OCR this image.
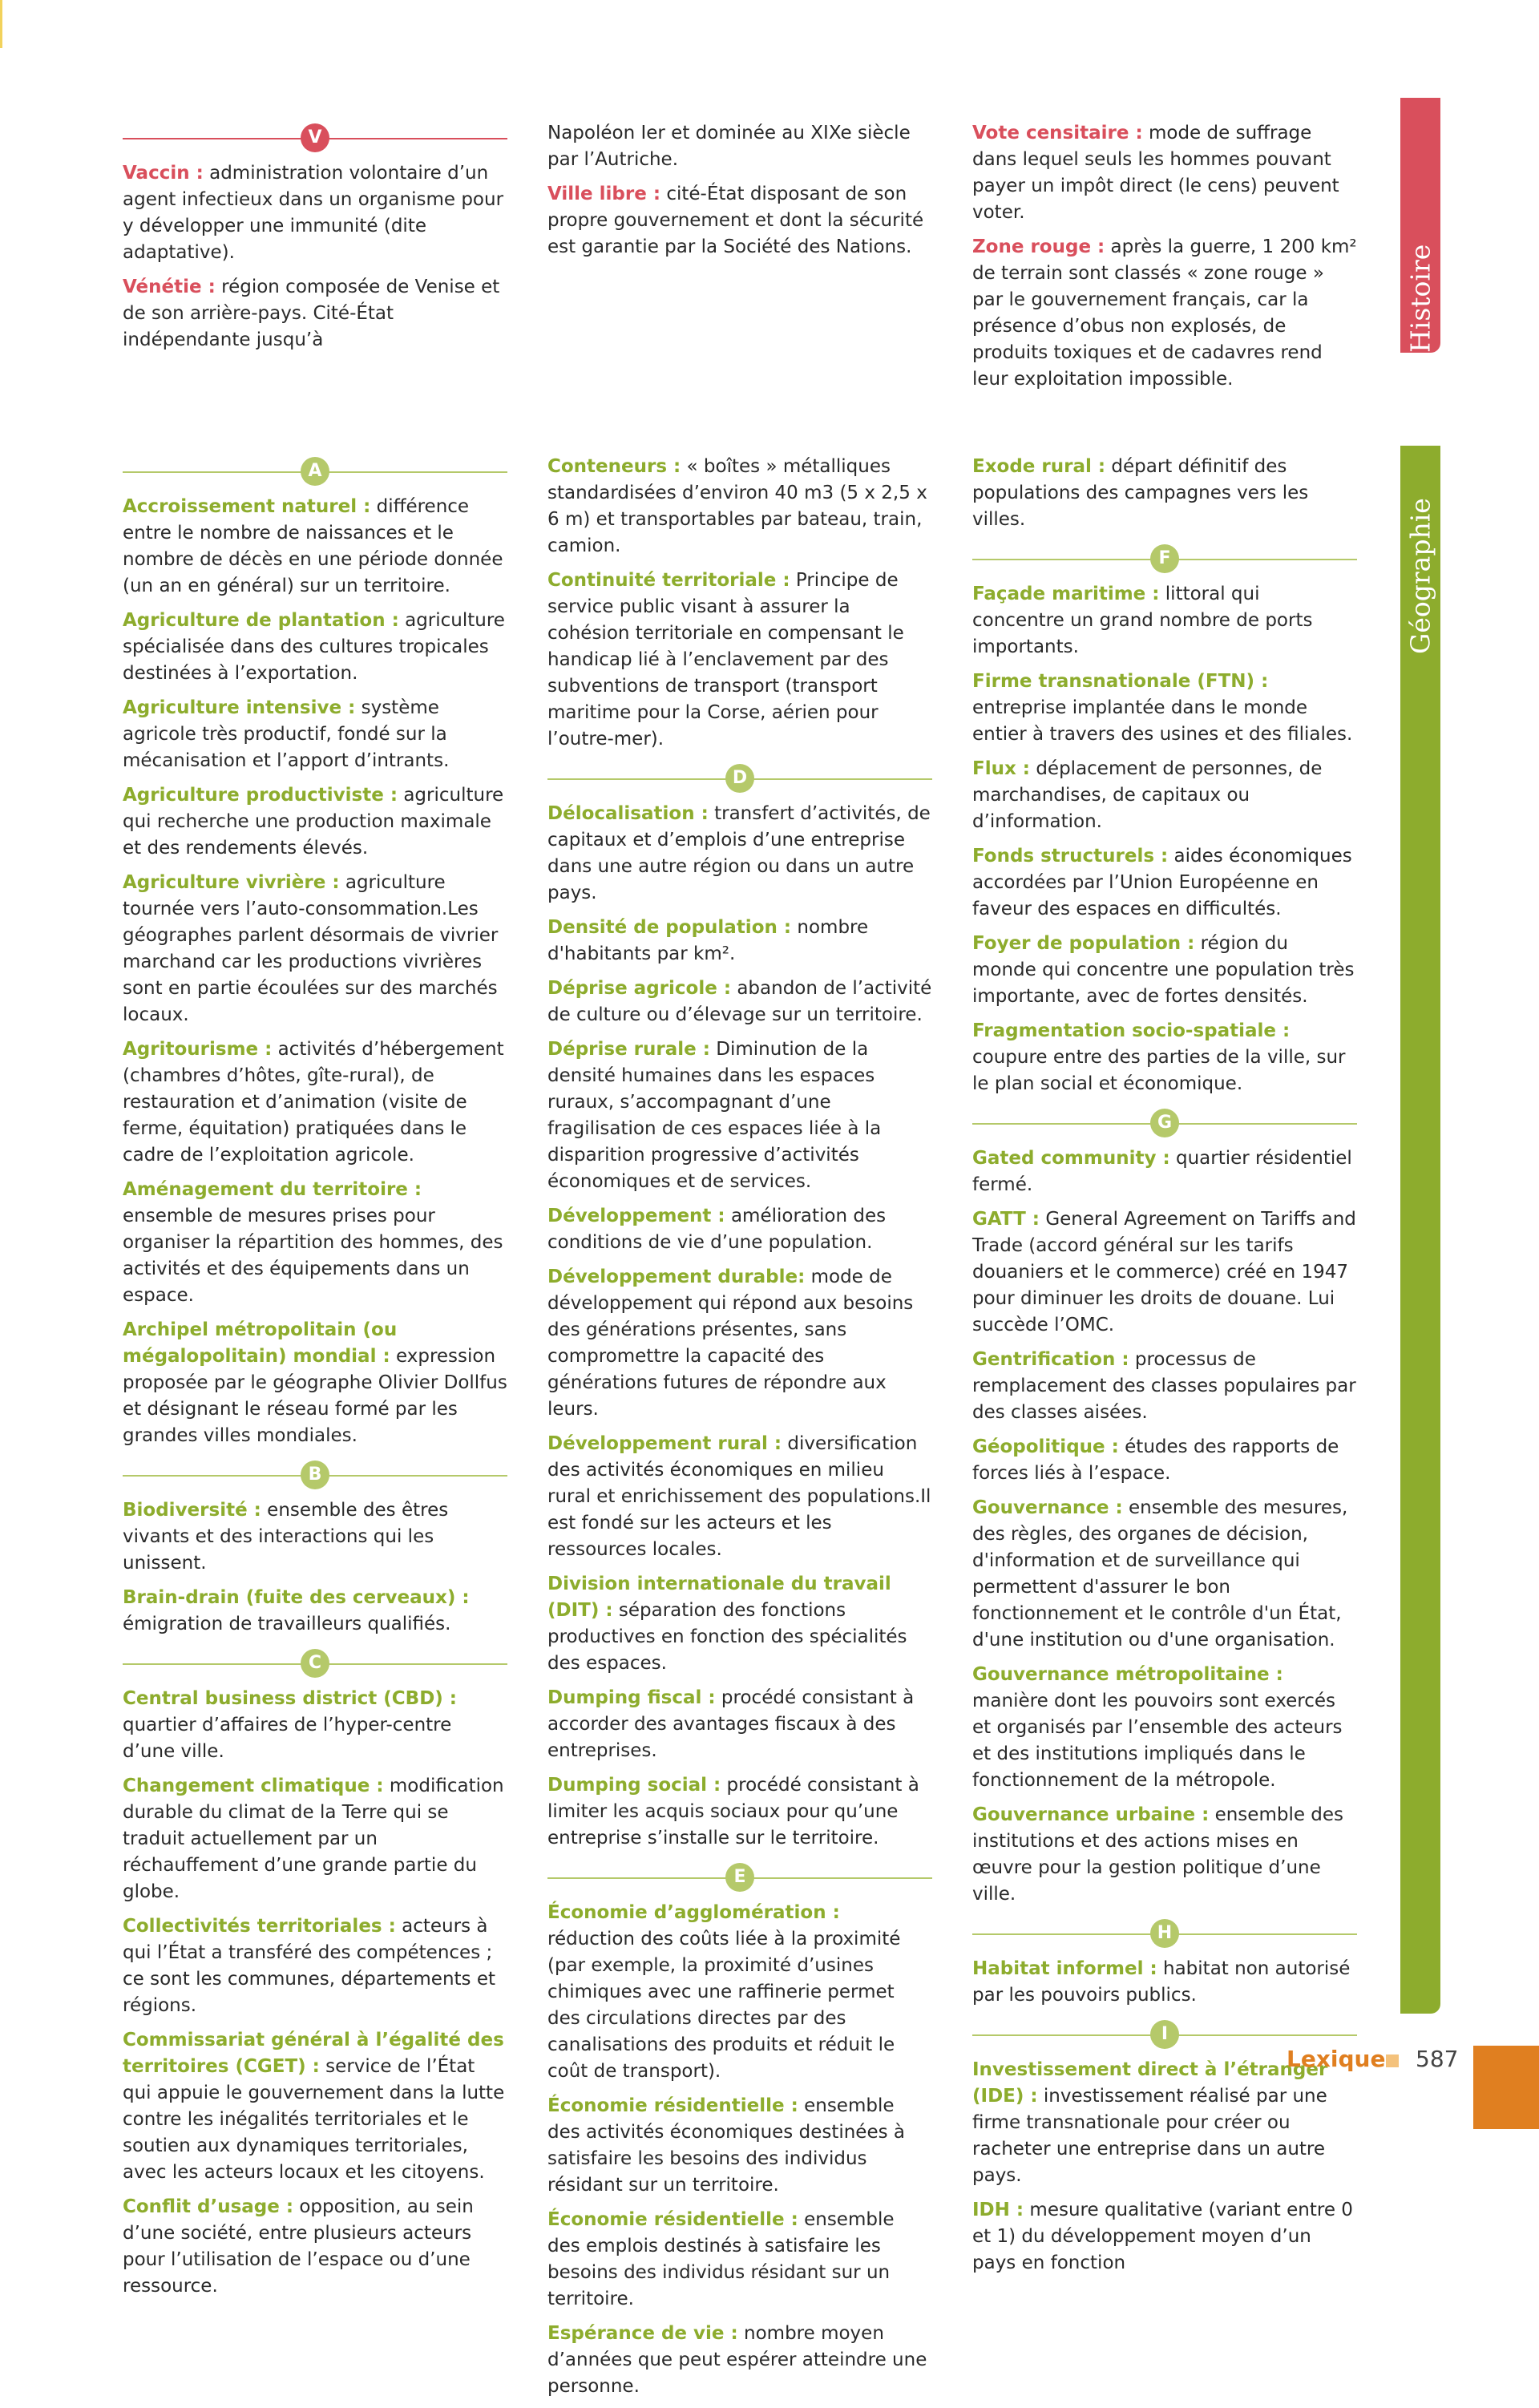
V
Vaccin : administration volontaire d’un agent infectieux dans un organisme pour y développer une immunité (dite adaptative).
Vénétie : région composée de Venise et de son arrière-pays. Cité-État indépendante jusqu’à
Napoléon Ier et dominée au XIXe siècle par l’Autriche.
Ville libre : cité-État disposant de son propre gouvernement et dont la sécurité est garantie par la Société des Nations.
Vote censitaire : mode de suffrage dans lequel seuls les hommes pouvant payer un impôt direct (le cens) peuvent voter.
Zone rouge : après la guerre, 1 200 km² de terrain sont classés « zone rouge » par le gouvernement français, car la présence d’obus non explosés, de produits toxiques et de cadavres rend leur exploitation impossible.
Histoire
A
Accroissement naturel : différence entre le nombre de naissances et le nombre de décès en une période donnée (un an en général) sur un territoire.
Agriculture de plantation : agriculture spécialisée dans des cultures tropicales destinées à l’exportation.
Agriculture intensive : système agricole très productif, fondé sur la mécanisation et l’apport d’intrants.
Agriculture productiviste : agriculture qui recherche une production maximale et des rendements élevés.
Agriculture vivrière : agriculture tournée vers l’auto-consommation.Les géographes parlent désormais de vivrier marchand car les productions vivrières sont en partie écoulées sur des marchés locaux.
Agritourisme : activités d’hébergement (chambres d’hôtes, gîte-rural), de restauration et d’animation (visite de ferme, équitation) pratiquées dans le cadre de l’exploitation agricole.
Aménagement du territoire : ensemble de mesures prises pour organiser la répartition des hommes, des activités et des équipements dans un espace.
Archipel métropolitain (ou mégalopolitain) mondial : expression proposée par le géographe Olivier Dollfus et désignant le réseau formé par les grandes villes mondiales.
B
Biodiversité : ensemble des êtres vivants et des interactions qui les unissent.
Brain-drain (fuite des cerveaux) : émigration de travailleurs qualifiés.
C
Central business district (CBD) : quartier d’affaires de l’hyper-centre d’une ville.
Changement climatique : modification durable du climat de la Terre qui se traduit actuellement par un réchauffement d’une grande partie du globe.
Collectivités territoriales : acteurs à qui l’État a transféré des compétences ; ce sont les communes, départements et régions.
Commissariat général à l’égalité des territoires (CGET) : service de l’État qui appuie le gouvernement dans la lutte contre les inégalités territoriales et le soutien aux dynamiques territoriales, avec les acteurs locaux et les citoyens.
Conflit d’usage : opposition, au sein d’une société, entre plusieurs acteurs pour l’utilisation de l’espace ou d’une ressource.
Conteneurs : « boîtes » métalliques standardisées d’environ 40 m3 (5 x 2,5 x 6 m) et transportables par bateau, train, camion.
Continuité territoriale : Principe de service public visant à assurer la cohésion territoriale en compensant le handicap lié à l’enclavement par des subventions de transport (transport maritime pour la Corse, aérien pour l’outre-mer).
D
Délocalisation : transfert d’activités, de capitaux et d’emplois d’une entreprise dans une autre région ou dans un autre pays.
Densité de population : nombre d'habitants par km².
Déprise agricole : abandon de l’activité de culture ou d’élevage sur un territoire.
Déprise rurale : Diminution de la densité humaines dans les espaces ruraux, s’accompagnant d’une fragilisation de ces espaces liée à la disparition progressive d’activités économiques et de services.
Développement : amélioration des conditions de vie d’une population.
Développement durable: mode de développement qui répond aux besoins des générations présentes, sans compromettre la capacité des générations futures de répondre aux leurs.
Développement rural : diversification des activités économiques en milieu rural et enrichissement des populations.Il est fondé sur les acteurs et les ressources locales.
Division internationale du travail (DIT) : séparation des fonctions productives en fonction des spécialités des espaces.
Dumping fiscal : procédé consistant à accorder des avantages fiscaux à des entreprises.
Dumping social : procédé consistant à limiter les acquis sociaux pour qu’une entreprise s’installe sur le territoire.
E
Économie d’agglomération : réduction des coûts liée à la proximité (par exemple, la proximité d’usines chimiques avec une raffinerie permet des circulations directes par des canalisations des produits et réduit le coût de transport).
Économie résidentielle : ensemble des activités économiques destinées à satisfaire les besoins des individus résidant sur un territoire.
Économie résidentielle : ensemble des emplois destinés à satisfaire les besoins des individus résidant sur un territoire.
Espérance de vie : nombre moyen d’années que peut espérer atteindre une personne.
Exode rural : départ définitif des populations des campagnes vers les villes.
F
Façade maritime : littoral qui concentre un grand nombre de ports importants.
Firme transnationale (FTN) : entreprise implantée dans le monde entier à travers des usines et des filiales.
Flux : déplacement de personnes, de marchandises, de capitaux ou d’information.
Fonds structurels : aides économiques accordées par l’Union Européenne en faveur des espaces en difficultés.
Foyer de population : région du monde qui concentre une population très importante, avec de fortes densités.
Fragmentation socio-spatiale : coupure entre des parties de la ville, sur le plan social et économique.
G
Gated community : quartier résidentiel fermé.
GATT : General Agreement on Tariffs and Trade (accord général sur les tarifs douaniers et le commerce) créé en 1947 pour diminuer les droits de douane. Lui succède l’OMC.
Gentrification : processus de remplacement des classes populaires par des classes aisées.
Géopolitique : études des rapports de forces liés à l’espace.
Gouvernance : ensemble des mesures, des règles, des organes de décision, d'information et de surveillance qui permettent d'assurer le bon fonctionnement et le contrôle d'un État, d'une institution ou d'une organisation.
Gouvernance métropolitaine : manière dont les pouvoirs sont exercés et organisés par l’ensemble des acteurs et des institutions impliqués dans le fonctionnement de la métropole.
Gouvernance urbaine : ensemble des institutions et des actions mises en œuvre pour la gestion politique d’une ville.
H
Habitat informel : habitat non autorisé par les pouvoirs publics.
I
Investissement direct à l’étranger (IDE) : investissement réalisé par une firme transnationale pour créer ou racheter une entreprise dans un autre pays.
IDH : mesure qualitative (variant entre 0 et 1) du développement moyen d’un pays en fonction
Géographie
Lexique 587
